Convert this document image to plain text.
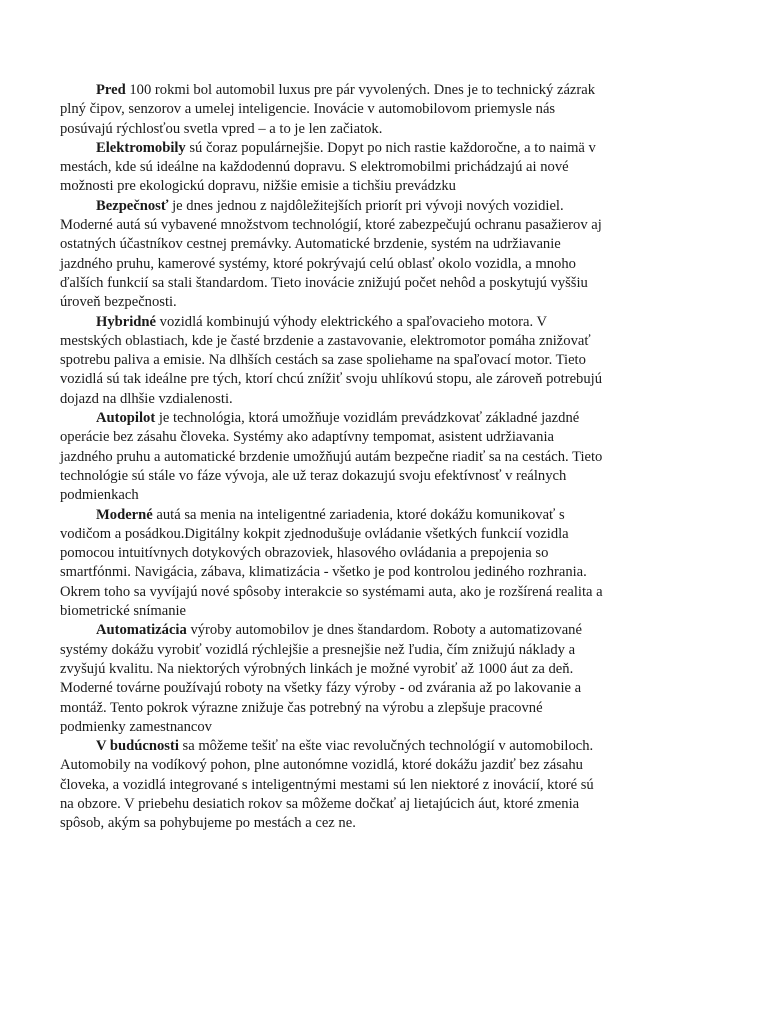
Pred 100 rokmi bol automobil luxus pre pár vyvolených. Dnes je to technický zázrak plný čipov, senzorov a umelej inteligencie. Inovácie v automobilovom priemysle nás posúvajú rýchlosťou svetla vpred – a to je len začiatok.

Elektromobily sú čoraz populárnejšie. Dopyt po nich rastie každoročne, a to naimä v mestách, kde sú ideálne na každodennú dopravu. S elektromobilmi prichádzajú ai nové možnosti pre ekologickú dopravu, nižšie emisie a tichšiu prevádzku

Bezpečnosť je dnes jednou z najdôležitejších priorít pri vývoji nových vozidiel. Moderné autá sú vybavené množstvom technológií, ktoré zabezpečujú ochranu pasažierov aj ostatných účastníkov cestnej premávky. Automatické brzdenie, systém na udržiavanie jazdného pruhu, kamerové systémy, ktoré pokrývajú celú oblasť okolo vozidla, a mnoho ďalších funkcií sa stali štandardom. Tieto inovácie znižujú počet nehôd a poskytujú vyššiu úroveň bezpečnosti.

Hybridné vozidlá kombinujú výhody elektrického a spaľovacieho motora. V mestských oblastiach, kde je časté brzdenie a zastavovanie, elektromotor pomáha znižovať spotrebu paliva a emisie. Na dlhších cestách sa zase spoliehame na spaľovací motor. Tieto vozidlá sú tak ideálne pre tých, ktorí chcú znížiť svoju uhlíkovú stopu, ale zároveň potrebujú dojazd na dlhšie vzdialenosti.

Autopilot je technológia, ktorá umožňuje vozidlám prevádzkovať základné jazdné operácie bez zásahu človeka. Systémy ako adaptívny tempomat, asistent udržiavania jazdného pruhu a automatické brzdenie umožňujú autám bezpečne riadiť sa na cestách. Tieto technológie sú stále vo fáze vývoja, ale už teraz dokazujú svoju efektívnosť v reálnych podmienkach

Moderné autá sa menia na inteligentné zariadenia, ktoré dokážu komunikovať s vodičom a posádkou.Digitálny kokpit zjednodušuje ovládanie všetkých funkcií vozidla pomocou intuitívnych dotykových obrazoviek, hlasového ovládania a prepojenia so smartfónmi. Navigácia, zábava, klimatizácia - všetko je pod kontrolou jediného rozhrania. Okrem toho sa vyvíjajú nové spôsoby interakcie so systémami auta, ako je rozšírená realita a biometrické snímanie

Automatizácia výroby automobilov je dnes štandardom. Roboty a automatizované systémy dokážu vyrobiť vozidlá rýchlejšie a presnejšie než ľudia, čím znižujú náklady a zvyšujú kvalitu. Na niektorých výrobných linkách je možné vyrobiť až 1000 áut za deň. Moderné továrne používajú roboty na všetky fázy výroby - od zvárania až po lakovanie a montáž. Tento pokrok výrazne znižuje čas potrebný na výrobu a zlepšuje pracovné podmienky zamestnancov

V budúcnosti sa môžeme tešiť na ešte viac revolučných technológií v automobiloch. Automobily na vodíkový pohon, plne autonómne vozidlá, ktoré dokážu jazdiť bez zásahu človeka, a vozidlá integrované s inteligentnými mestami sú len niektoré z inovácií, ktoré sú na obzore. V priebehu desiatich rokov sa môžeme dočkať aj lietajúcich áut, ktoré zmenia spôsob, akým sa pohybujeme po mestách a cez ne.
